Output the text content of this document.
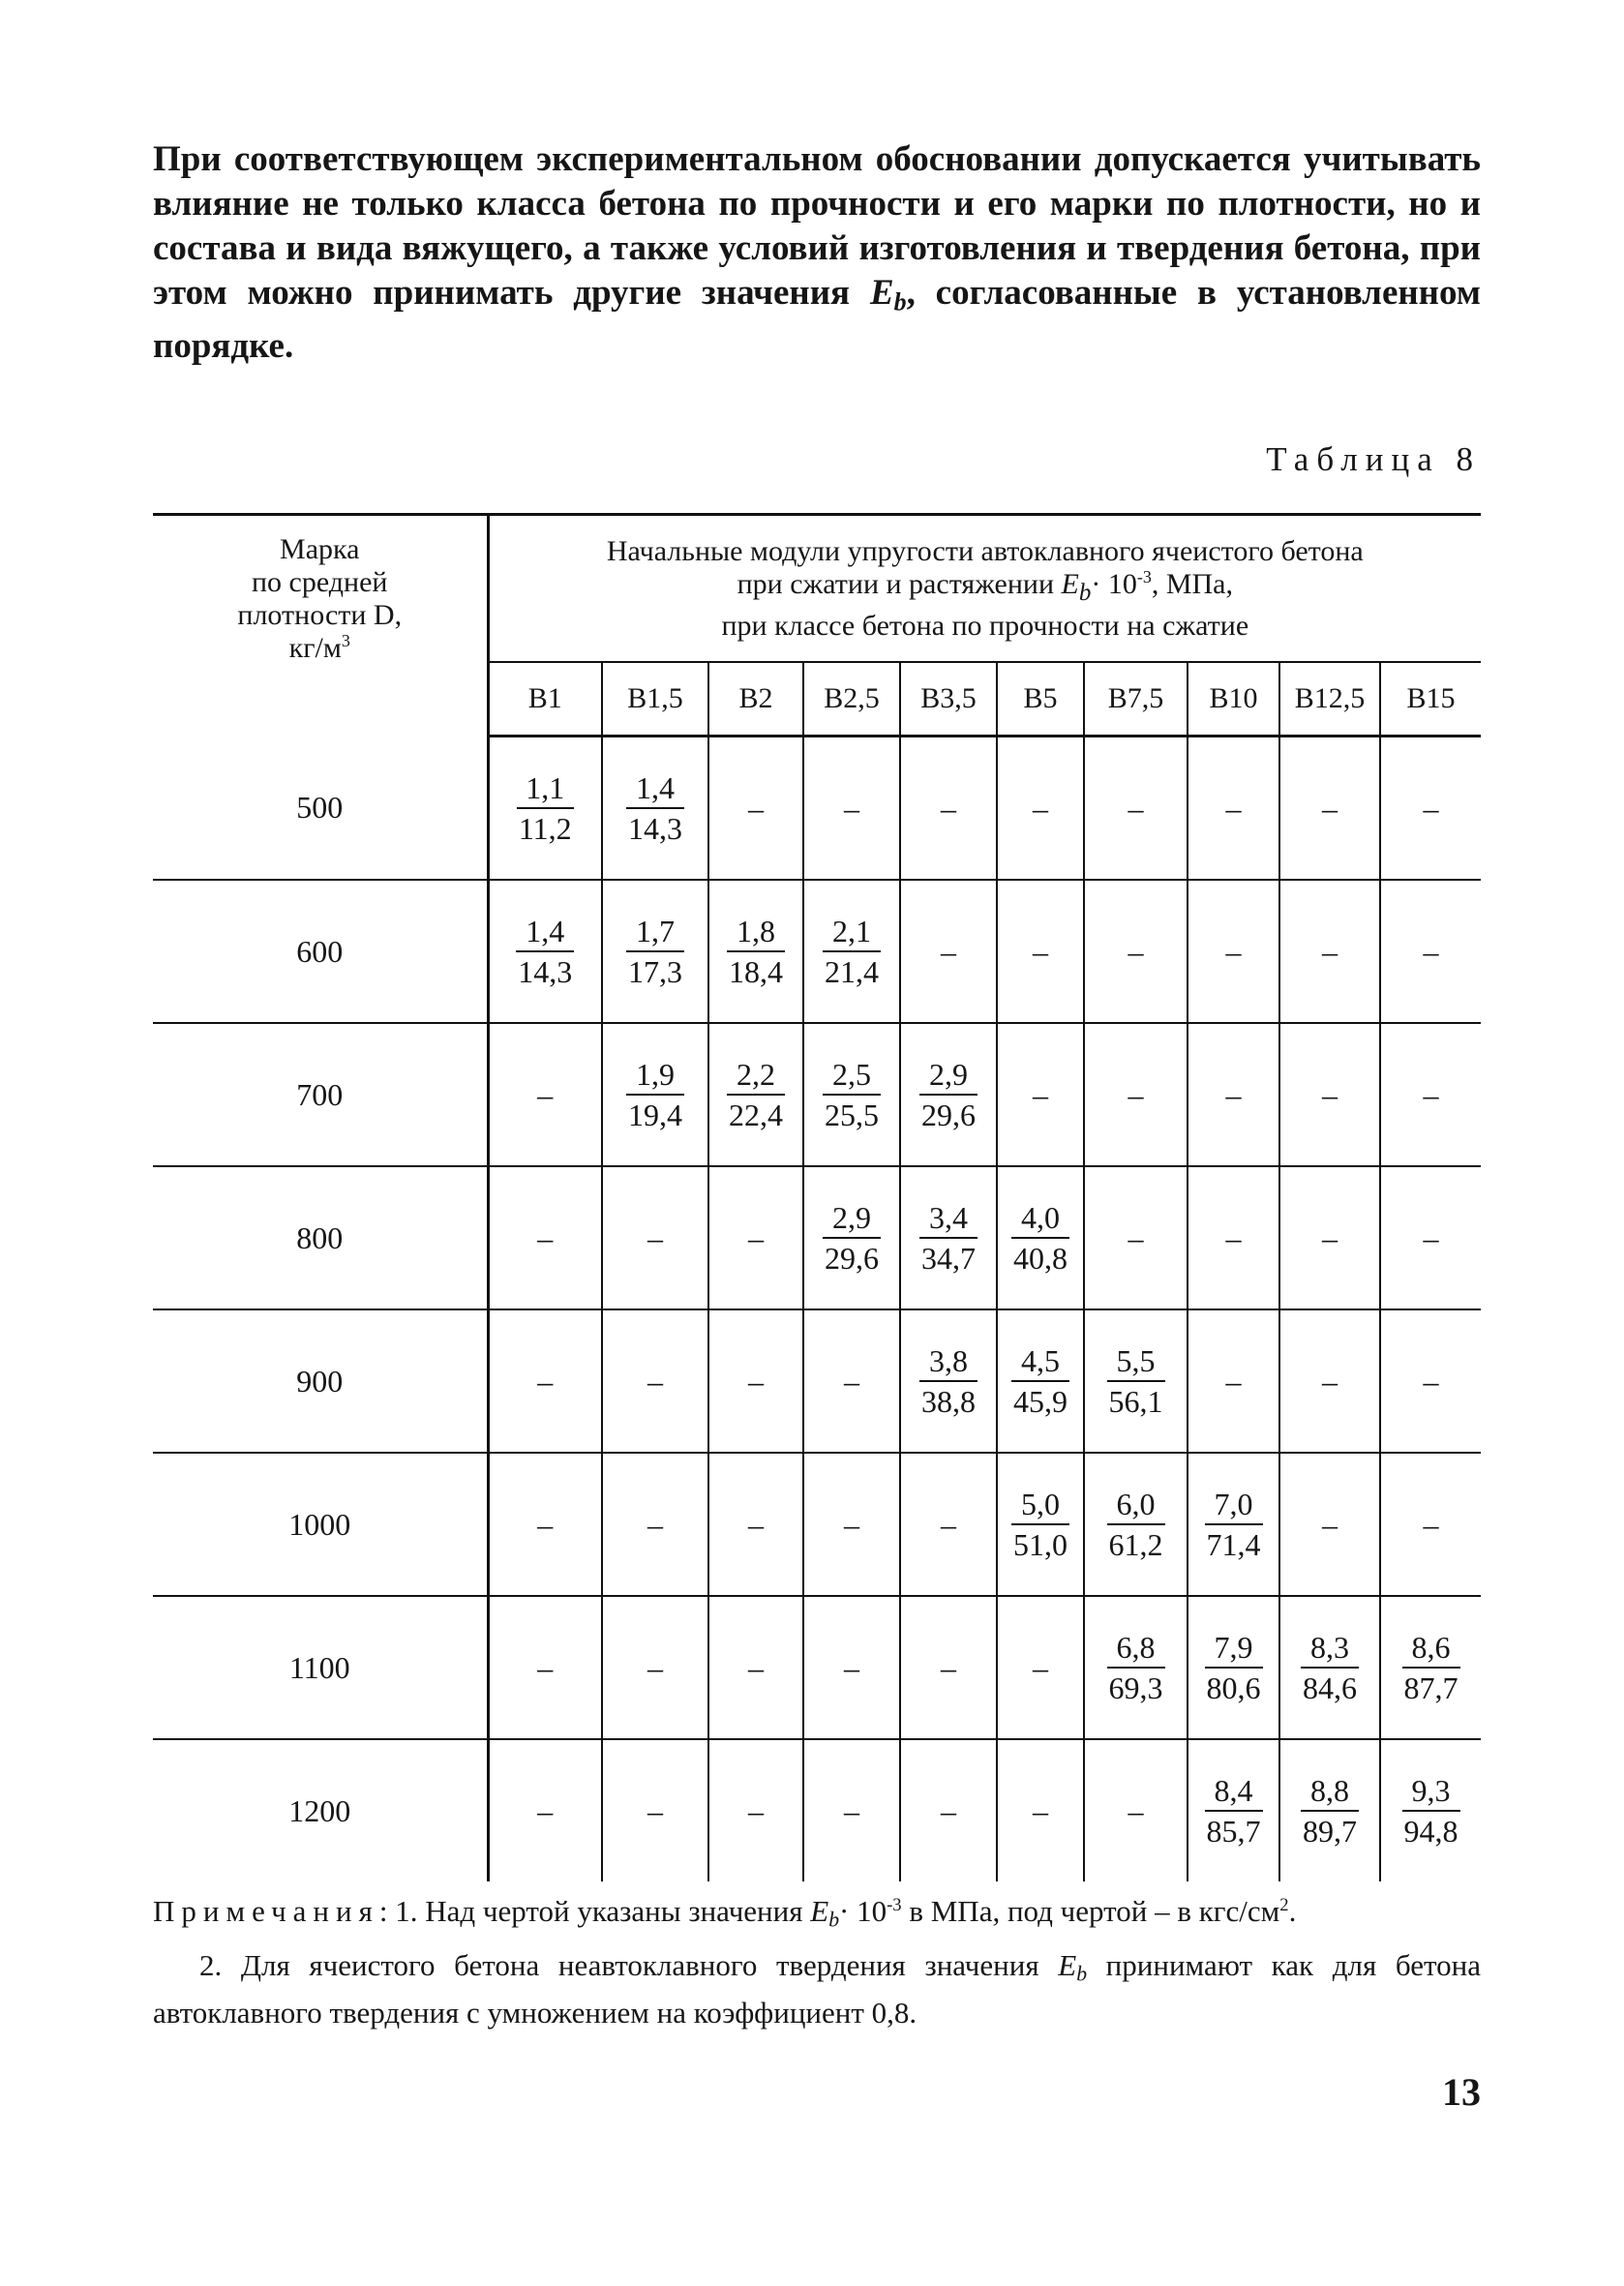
При соответствующем экспериментальном обосновании допускается учитывать влияние не только класса бетона по прочности и его марки по плотности, но и состава и вида вяжущего, а также условий изготовления и твердения бетона, при этом можно принимать другие значения $E_b$, согласованные в установленном порядке.

Таблица 8
Марка
по средней
плотности D,
$кг/м^3$	Начальные модули упругости автоклавного ячеистого бетона
при сжатии и растяжении $E_b\cdot 10^{-3}$, МПа,
при классе бетона по прочности на сжатие									
	B1	B1,5	B2	B2,5	B3,5	B5	B7,5	B10	B12,5	B15
500	$\frac{1,1}{11,2}$	$\frac{1,4}{14,3}$	–	–	–	–	–	–	–	–
600	$\frac{1,4}{14,3}$	$\frac{1,7}{17,3}$	$\frac{1,8}{18,4}$	$\frac{2,1}{21,4}$	–	–	–	–	–	–
700	–	$\frac{1,9}{19,4}$	$\frac{2,2}{22,4}$	$\frac{2,5}{25,5}$	$\frac{2,9}{29,6}$	–	–	–	–	–
800	–	–	–	$\frac{2,9}{29,6}$	$\frac{3,4}{34,7}$	$\frac{4,0}{40,8}$	–	–	–	–
900	–	–	–	–	$\frac{3,8}{38,8}$	$\frac{4,5}{45,9}$	$\frac{5,5}{56,1}$	–	–	–
1000	–	–	–	–	–	$\frac{5,0}{51,0}$	$\frac{6,0}{61,2}$	$\frac{7,0}{71,4}$	–	–
1100	–	–	–	–	–	–	$\frac{6,8}{69,3}$	$\frac{7,9}{80,6}$	$\frac{8,3}{84,6}$	$\frac{8,6}{87,7}$

1200	–	–	–	–	–	–	–	$\frac{8,4}{85,7}$	$\frac{8,8}{89,7}$	$\frac{9,3}{94,8}$

Примечания: 1. Над чертой указаны значения $E_b\cdot 10^{-3}$ в МПа, под чертой – в кгс/$см^2$.

2. Для ячеистого бетона неавтоклавного твердения значения $E_b$ принимают как для бетона автоклавного твердения с умножением на коэффициент 0,8.

13
